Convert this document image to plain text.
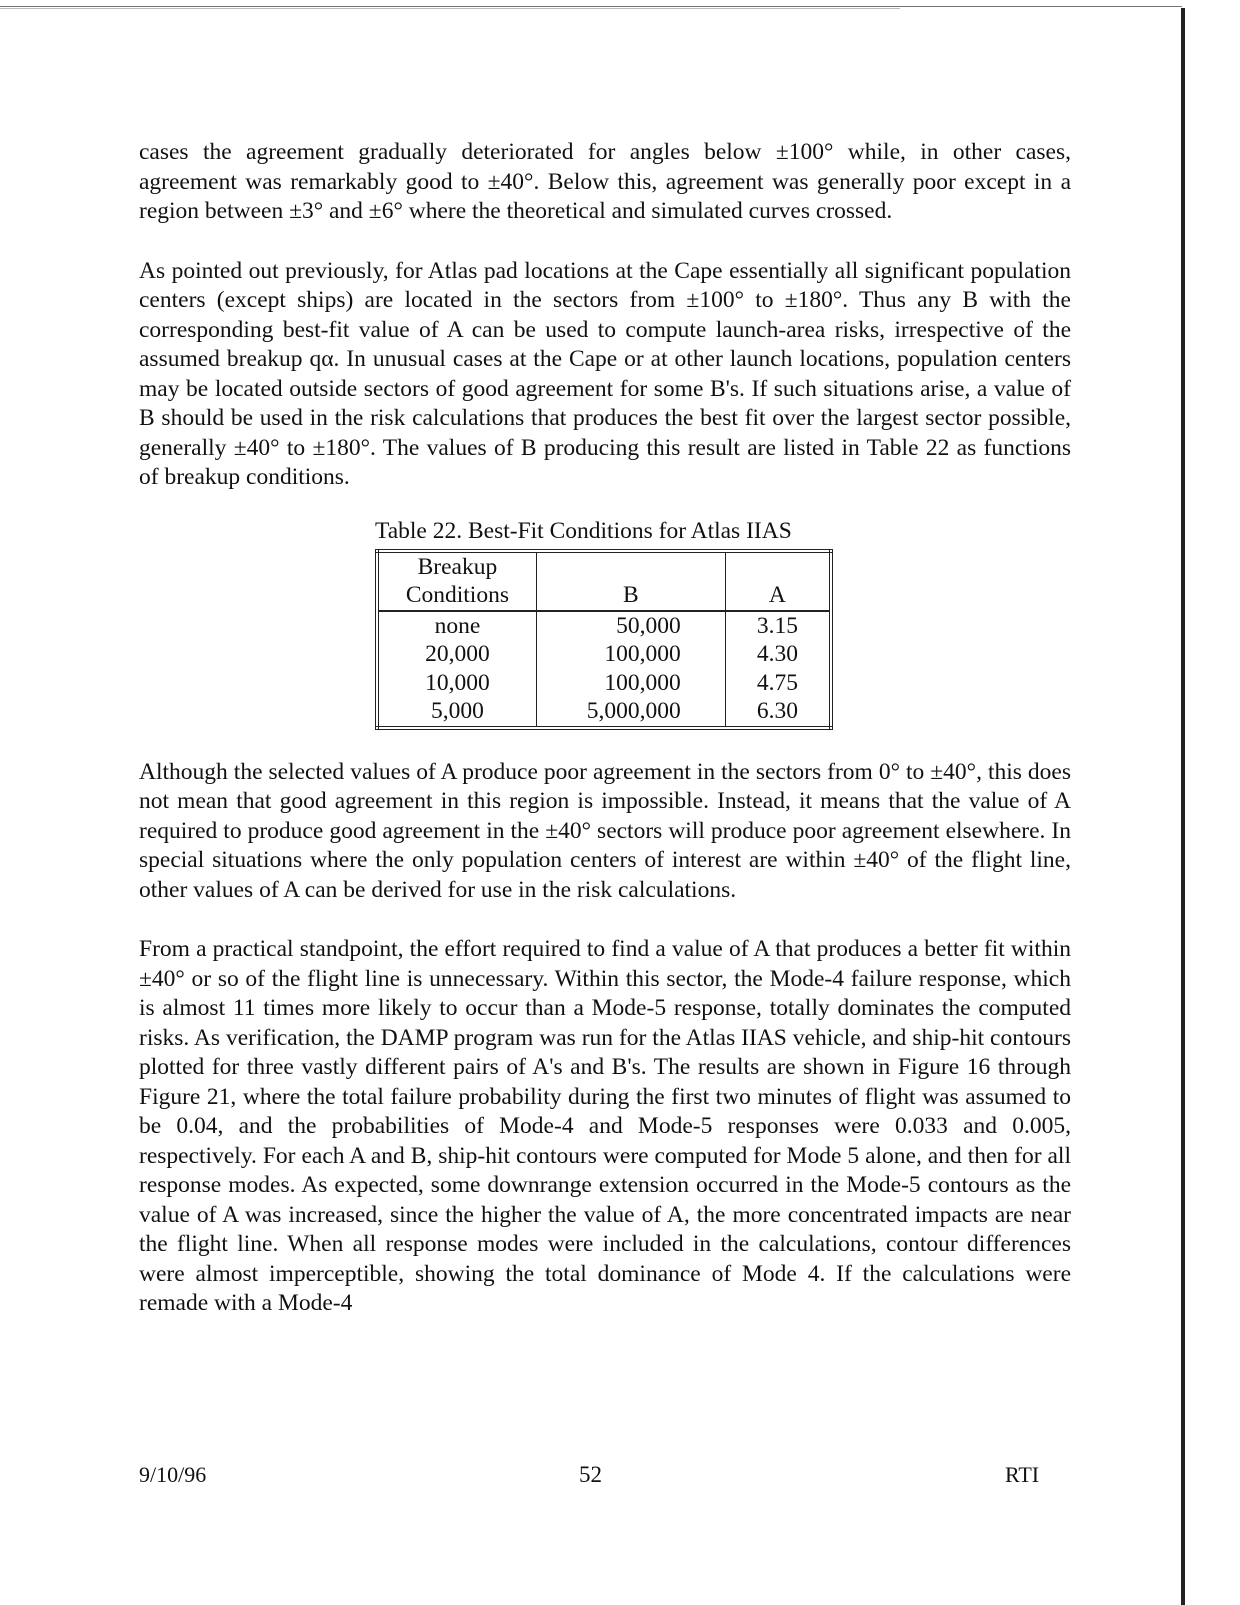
cases the agreement gradually deteriorated for angles below ±100° while, in other cases, agreement was remarkably good to ±40°. Below this, agreement was generally poor except in a region between ±3° and ±6° where the theoretical and simulated curves crossed.

As pointed out previously, for Atlas pad locations at the Cape essentially all significant population centers (except ships) are located in the sectors from ±100° to ±180°. Thus any B with the corresponding best-fit value of A can be used to compute launch-area risks, irrespective of the assumed breakup qα. In unusual cases at the Cape or at other launch locations, population centers may be located outside sectors of good agreement for some B's. If such situations arise, a value of B should be used in the risk calculations that produces the best fit over the largest sector possible, generally ±40° to ±180°. The values of B producing this result are listed in Table 22 as functions of breakup conditions.

Table 22. Best-Fit Conditions for Atlas IIAS
Breakup
Conditions	B	A
none	50,000	3.15
20,000	100,000	4.30
10,000	100,000	4.75
5,000	5,000,000	6.30

Although the selected values of A produce poor agreement in the sectors from 0° to ±40°, this does not mean that good agreement in this region is impossible. Instead, it means that the value of A required to produce good agreement in the ±40° sectors will produce poor agreement elsewhere. In special situations where the only population centers of interest are within ±40° of the flight line, other values of A can be derived for use in the risk calculations.

From a practical standpoint, the effort required to find a value of A that produces a better fit within ±40° or so of the flight line is unnecessary. Within this sector, the Mode-4 failure response, which is almost 11 times more likely to occur than a Mode-5 response, totally dominates the computed risks. As verification, the DAMP program was run for the Atlas IIAS vehicle, and ship-hit contours plotted for three vastly different pairs of A's and B's. The results are shown in Figure 16 through Figure 21, where the total failure probability during the first two minutes of flight was assumed to be 0.04, and the probabilities of Mode-4 and Mode-5 responses were 0.033 and 0.005, respectively. For each A and B, ship-hit contours were computed for Mode 5 alone, and then for all response modes. As expected, some downrange extension occurred in the Mode-5 contours as the value of A was increased, since the higher the value of A, the more concentrated impacts are near the flight line. When all response modes were included in the calculations, contour differences were almost imperceptible, showing the total dominance of Mode 4. If the calculations were remade with a Mode-4

9/10/96	52	RTI
